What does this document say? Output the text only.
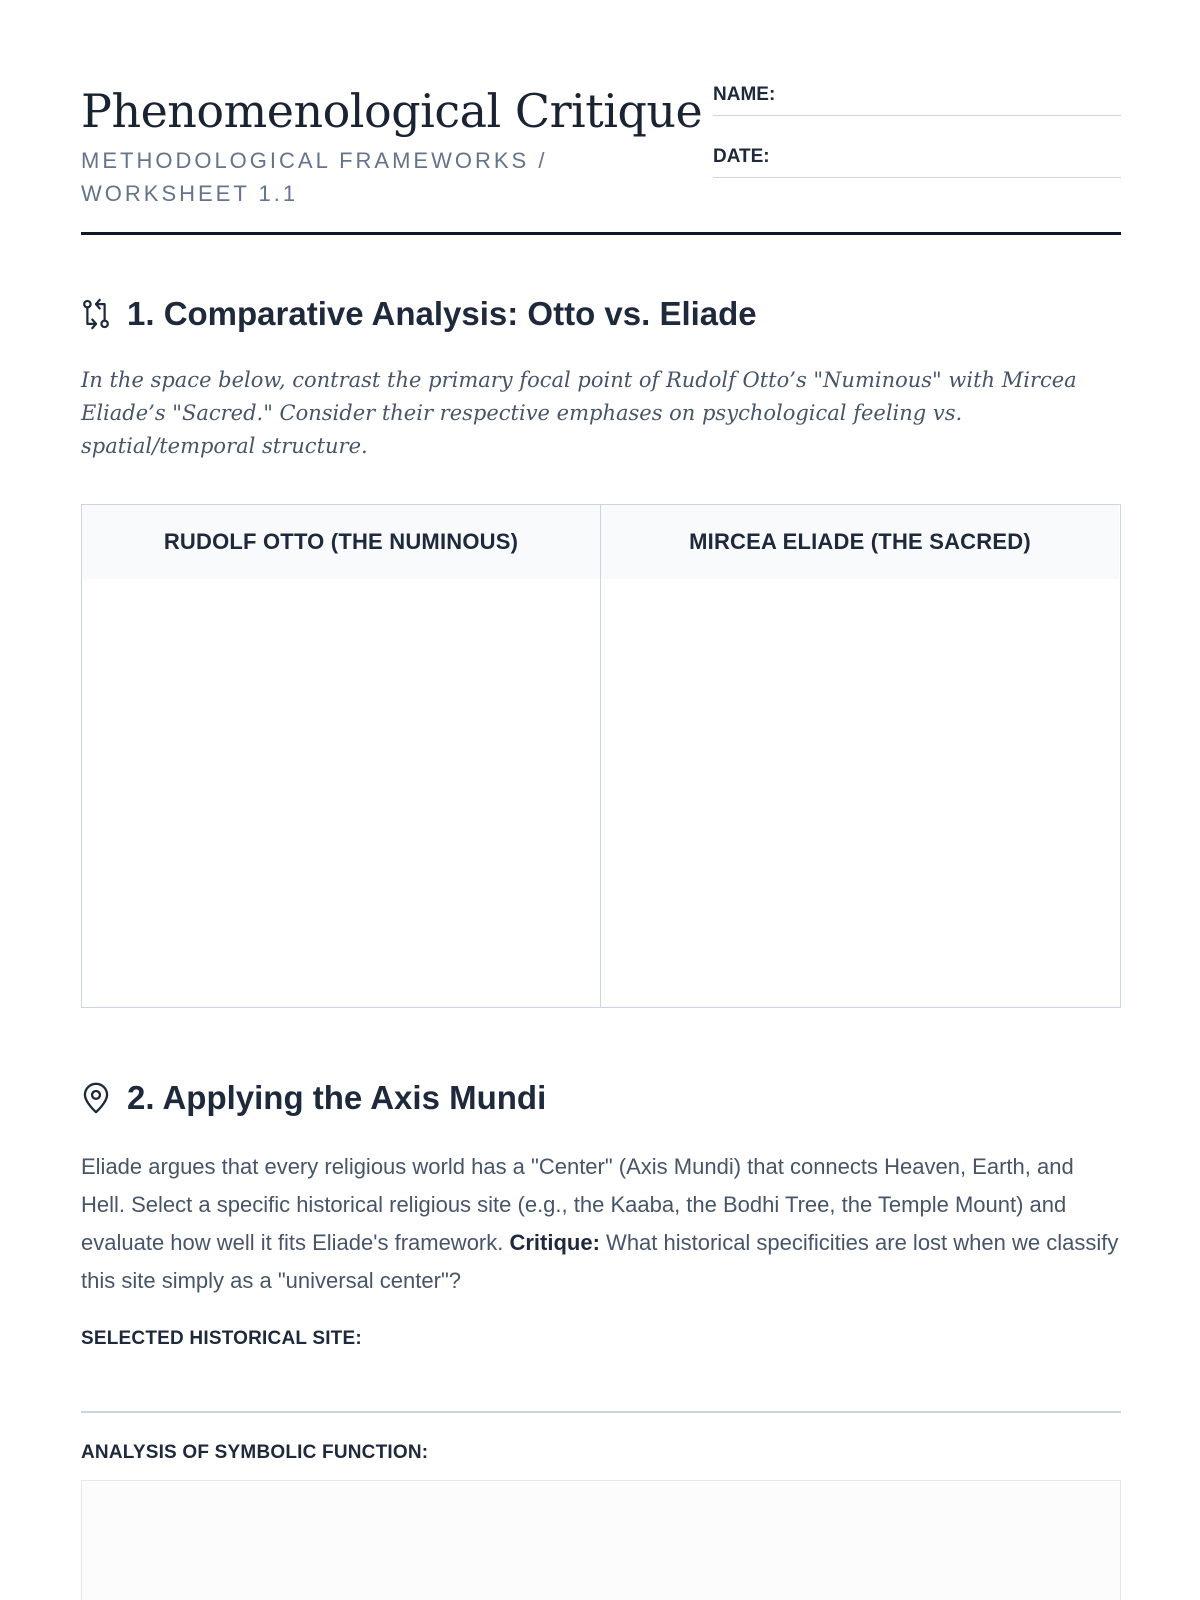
Phenomenological Critique
METHODOLOGICAL FRAMEWORKS / WORKSHEET 1.1
NAME:
DATE:
1. Comparative Analysis: Otto vs. Eliade

In the space below, contrast the primary focal point of Rudolf Otto’s "Numinous" with Mircea Eliade’s "Sacred." Consider their respective emphases on psychological feeling vs. spatial/temporal structure.

RUDOLF OTTO (THE NUMINOUS)	MIRCEA ELIADE (THE SACRED)
2. Applying the Axis Mundi

Eliade argues that every religious world has a "Center" (Axis Mundi) that connects Heaven, Earth, and Hell. Select a specific historical religious site (e.g., the Kaaba, the Bodhi Tree, the Temple Mount) and evaluate how well it fits Eliade's framework. Critique: What historical specificities are lost when we classify this site simply as a "universal center"?

SELECTED HISTORICAL SITE:
ANALYSIS OF SYMBOLIC FUNCTION:
